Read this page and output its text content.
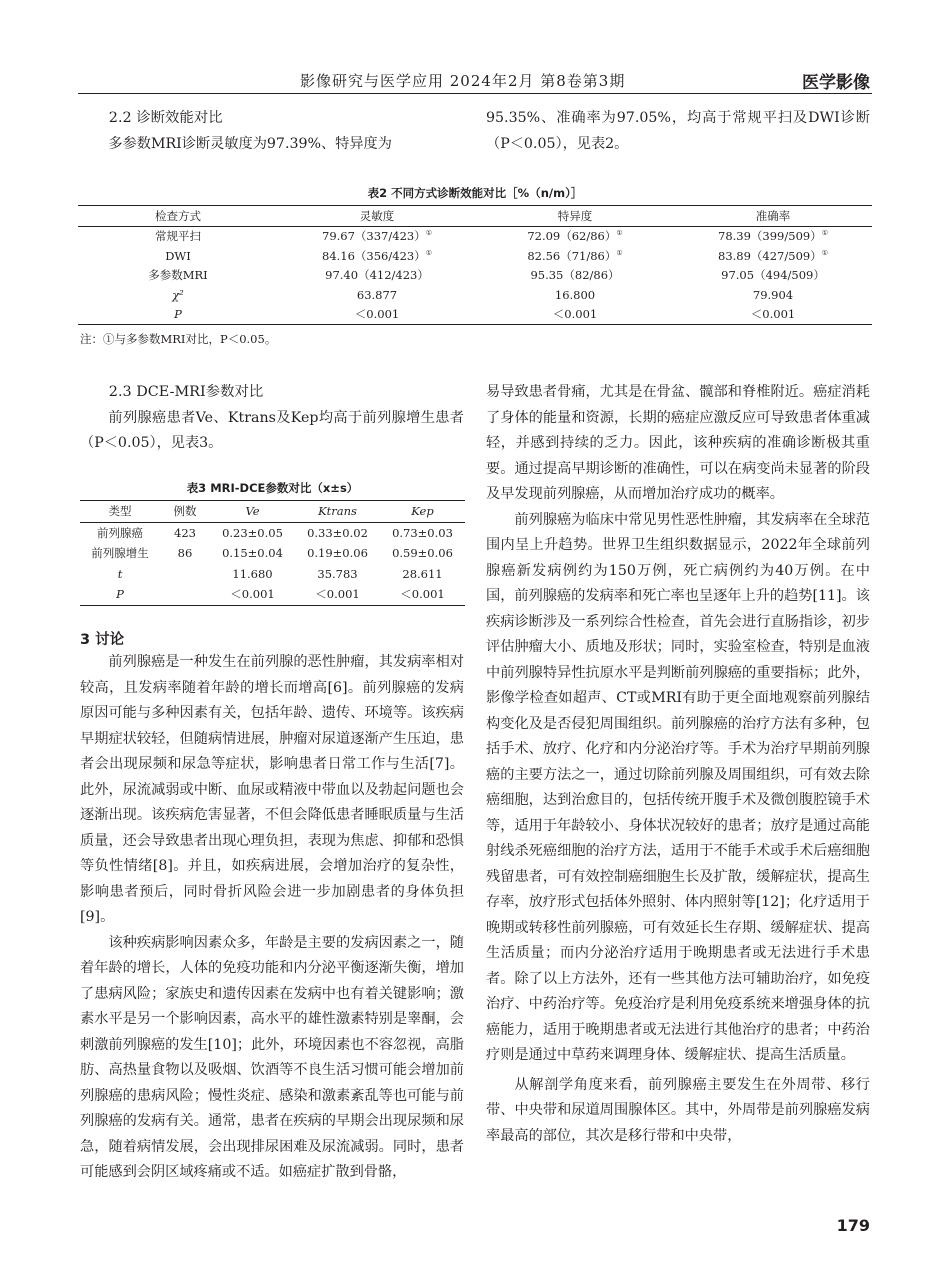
影像研究与医学应用 2024年2月 第8卷第3期	医学影像

2.2 诊断效能对比

多参数MRI诊断灵敏度为97.39%、特异度为

95.35%、准确率为97.05%，均高于常规平扫及DWI诊断（P＜0.05），见表2。

表2 不同方式诊断效能对比［%（n/m）］
检查方式	灵敏度	特异度	准确率
常规平扫	79.67（337/423）①	72.09（62/86）①	78.39（399/509）①
DWI	84.16（356/423）①	82.56（71/86）①	83.89（427/509）①
多参数MRI	97.40（412/423）	95.35（82/86）	97.05（494/509）
χ²	63.877	16.800	79.904
P	＜0.001	＜0.001	＜0.001
注：①与多参数MRI对比，P＜0.05。

2.3 DCE-MRI参数对比

前列腺癌患者Ve、Ktrans及Kep均高于前列腺增生患者（P＜0.05），见表3。

表3 MRI-DCE参数对比（x±s）
类型	例数	Ve	Ktrans	Kep
前列腺癌	423	0.23±0.05	0.33±0.02	0.73±0.03
前列腺增生	86	0.15±0.04	0.19±0.06	0.59±0.06
t		11.680	35.783	28.611
P		＜0.001	＜0.001	＜0.001
3 讨论

前列腺癌是一种发生在前列腺的恶性肿瘤，其发病率相对较高，且发病率随着年龄的增长而增高[6]。前列腺癌的发病原因可能与多种因素有关，包括年龄、遗传、环境等。该疾病早期症状较轻，但随病情进展，肿瘤对尿道逐渐产生压迫，患者会出现尿频和尿急等症状，影响患者日常工作与生活[7]。此外，尿流减弱或中断、血尿或精液中带血以及勃起问题也会逐渐出现。该疾病危害显著，不但会降低患者睡眠质量与生活质量，还会导致患者出现心理负担，表现为焦虑、抑郁和恐惧等负性情绪[8]。并且，如疾病进展，会增加治疗的复杂性，影响患者预后，同时骨折风险会进一步加剧患者的身体负担[9]。

该种疾病影响因素众多，年龄是主要的发病因素之一，随着年龄的增长，人体的免疫功能和内分泌平衡逐渐失衡，增加了患病风险；家族史和遗传因素在发病中也有着关键影响；激素水平是另一个影响因素，高水平的雄性激素特别是睾酮，会刺激前列腺癌的发生[10]；此外，环境因素也不容忽视，高脂肪、高热量食物以及吸烟、饮酒等不良生活习惯可能会增加前列腺癌的患病风险；慢性炎症、感染和激素紊乱等也可能与前列腺癌的发病有关。通常，患者在疾病的早期会出现尿频和尿急，随着病情发展，会出现排尿困难及尿流减弱。同时，患者可能感到会阴区域疼痛或不适。如癌症扩散到骨骼，

易导致患者骨痛，尤其是在骨盆、髋部和脊椎附近。癌症消耗了身体的能量和资源，长期的癌症应激反应可导致患者体重减轻，并感到持续的乏力。因此，该种疾病的准确诊断极其重要。通过提高早期诊断的准确性，可以在病变尚未显著的阶段及早发现前列腺癌，从而增加治疗成功的概率。

前列腺癌为临床中常见男性恶性肿瘤，其发病率在全球范围内呈上升趋势。世界卫生组织数据显示，2022年全球前列腺癌新发病例约为150万例，死亡病例约为40万例。在中国，前列腺癌的发病率和死亡率也呈逐年上升的趋势[11]。该疾病诊断涉及一系列综合性检查，首先会进行直肠指诊，初步评估肿瘤大小、质地及形状；同时，实验室检查，特别是血液中前列腺特异性抗原水平是判断前列腺癌的重要指标；此外，影像学检查如超声、CT或MRI有助于更全面地观察前列腺结构变化及是否侵犯周围组织。前列腺癌的治疗方法有多种，包括手术、放疗、化疗和内分泌治疗等。手术为治疗早期前列腺癌的主要方法之一，通过切除前列腺及周围组织，可有效去除癌细胞，达到治愈目的，包括传统开腹手术及微创腹腔镜手术等，适用于年龄较小、身体状况较好的患者；放疗是通过高能射线杀死癌细胞的治疗方法，适用于不能手术或手术后癌细胞残留患者，可有效控制癌细胞生长及扩散，缓解症状，提高生存率，放疗形式包括体外照射、体内照射等[12]；化疗适用于晚期或转移性前列腺癌，可有效延长生存期、缓解症状、提高生活质量；而内分泌治疗适用于晚期患者或无法进行手术患者。除了以上方法外，还有一些其他方法可辅助治疗，如免疫治疗、中药治疗等。免疫治疗是利用免疫系统来增强身体的抗癌能力，适用于晚期患者或无法进行其他治疗的患者；中药治疗则是通过中草药来调理身体、缓解症状、提高生活质量。

从解剖学角度来看，前列腺癌主要发生在外周带、移行带、中央带和尿道周围腺体区。其中，外周带是前列腺癌发病率最高的部位，其次是移行带和中央带，

179
